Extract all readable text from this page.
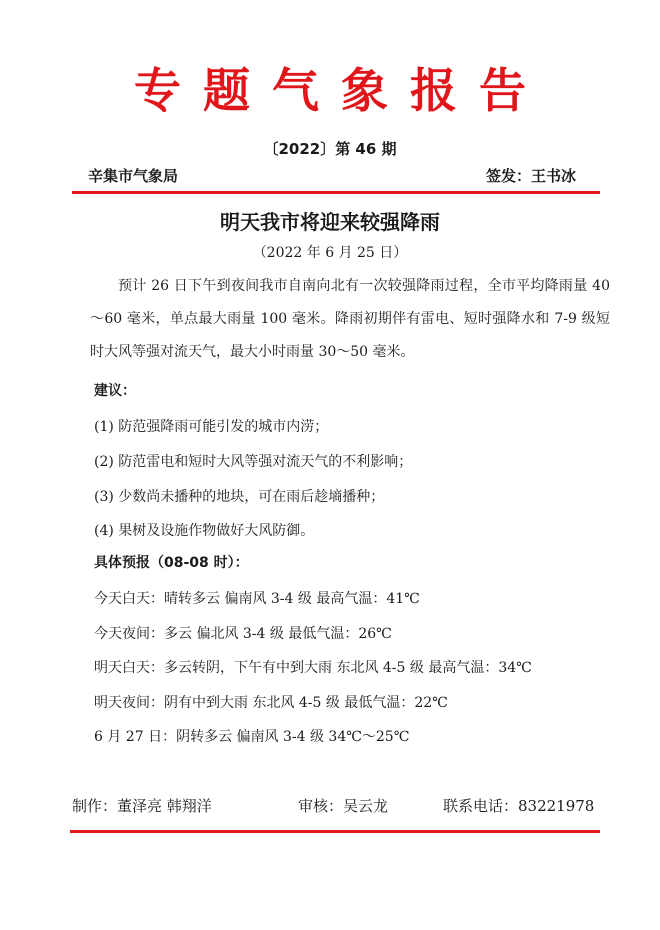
专题气象报告
〔2022〕第 46 期
辛集市气象局	签发：王书冰
明天我市将迎来较强降雨
（2022 年 6 月 25 日）
预计 26 日下午到夜间我市自南向北有一次较强降雨过程，全市平均降雨量 40～60 毫米，单点最大雨量 100 毫米。降雨初期伴有雷电、短时强降水和 7-9 级短时大风等强对流天气，最大小时雨量 30～50 毫米。
建议：
(1) 防范强降雨可能引发的城市内涝；
(2) 防范雷电和短时大风等强对流天气的不利影响；
(3) 少数尚未播种的地块，可在雨后趁墒播种；
(4) 果树及设施作物做好大风防御。
具体预报（08-08 时）：
今天白天：晴转多云 偏南风 3-4 级 最高气温：41℃
今天夜间：多云 偏北风 3-4 级 最低气温：26℃
明天白天：多云转阴，下午有中到大雨 东北风 4-5 级 最高气温：34℃
明天夜间：阴有中到大雨 东北风 4-5 级 最低气温：22℃
6 月 27 日：阴转多云 偏南风 3-4 级 34℃～25℃
制作：董泽亮 韩翔洋	审核：吴云龙	联系电话：83221978
